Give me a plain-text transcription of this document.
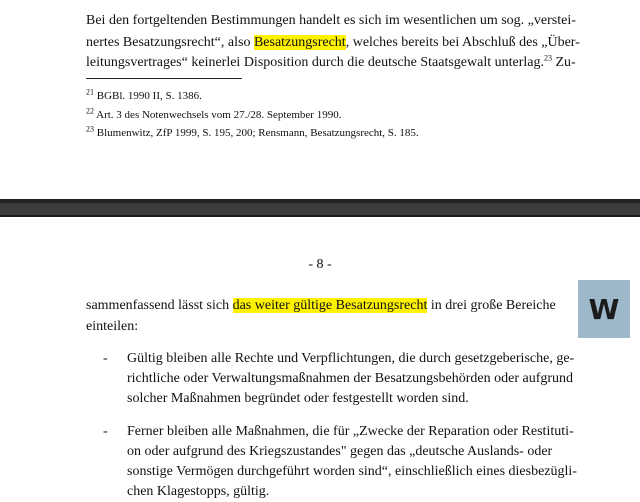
Bei den fortgeltenden Bestimmungen handelt es sich im wesentlichen um sog. „verstei-
nertes Besatzungsrecht“, also Besatzungsrecht, welches bereits bei Abschluß des „Über-
leitungsvertrages“ keinerlei Disposition durch die deutsche Staatsgewalt unterlag.$^{23}$ Zu-
$^{21}$ BGBl. 1990 II, S. 1386.
$^{22}$ Art. 3 des Notenwechsels vom 27./28. September 1990.
$^{23}$ Blumenwitz, ZfP 1999, S. 195, 200; Rensmann, Besatzungsrecht, S. 185.
- 8 -
sammenfassend lässt sich das weiter gültige Besatzungsrecht in drei große Bereiche
einteilen:
- Gültig bleiben alle Rechte und Verpflichtungen, die durch gesetzgeberische, ge-
richtliche oder Verwaltungsmaßnahmen der Besatzungsbehörden oder aufgrund
solcher Maßnahmen begründet oder festgestellt worden sind.
- Ferner bleiben alle Maßnahmen, die für „Zwecke der Reparation oder Restituti-
on oder aufgrund des Kriegszustandes" gegen das „deutsche Auslands- oder
sonstige Vermögen durchgeführt worden sind“, einschließlich eines diesbezügli-
chen Klagestopps, gültig.
W
